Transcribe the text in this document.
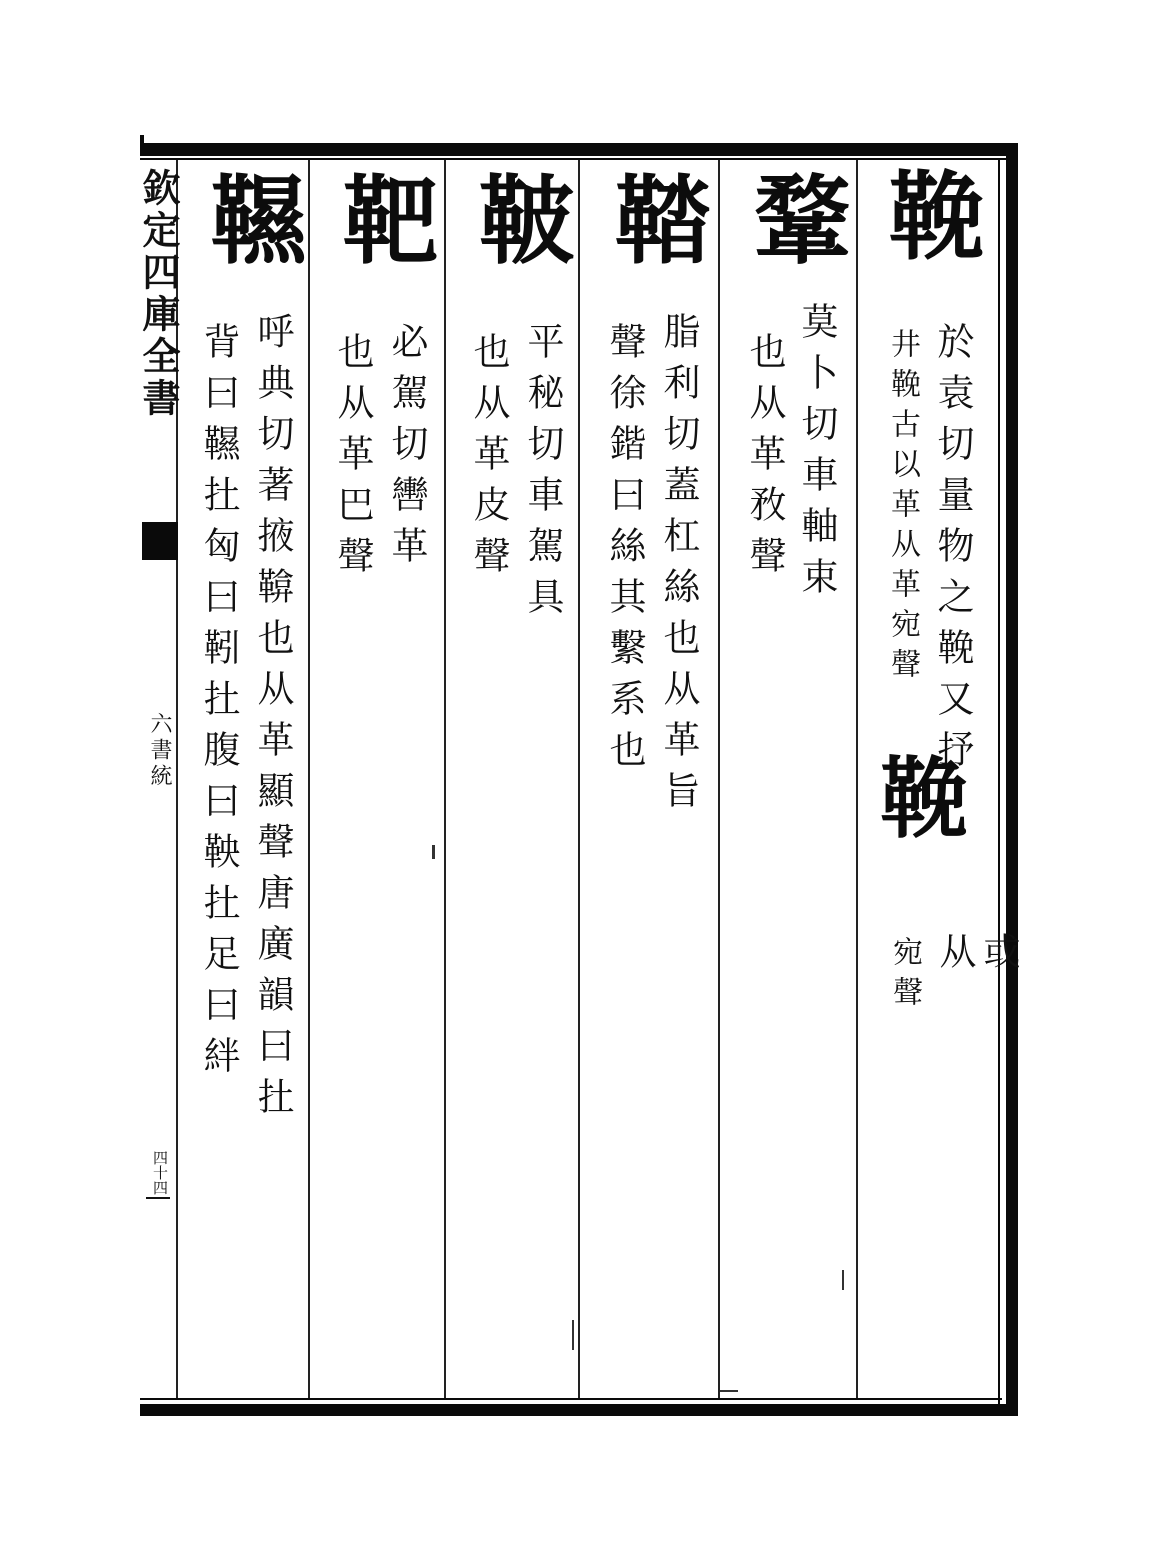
欽定四庫全書
六書統
四十四
鞔
於袁切量物之鞔又抒
井鞔古以革从革宛聲
鞔
或从
宛聲
鞪
莫卜切車軸束
也从革敄聲
鞜
脂利切蓋杠絲也从革旨
聲徐鍇曰絲其繫系也
鞁
平秘切車駕具
也从革皮聲
靶
必駕切轡革
也从革巴聲
韅
呼典切著掖鞥也从革顯聲唐廣韻曰扗
背曰韅扗匈曰靷扗腹曰鞅扗足曰絆
